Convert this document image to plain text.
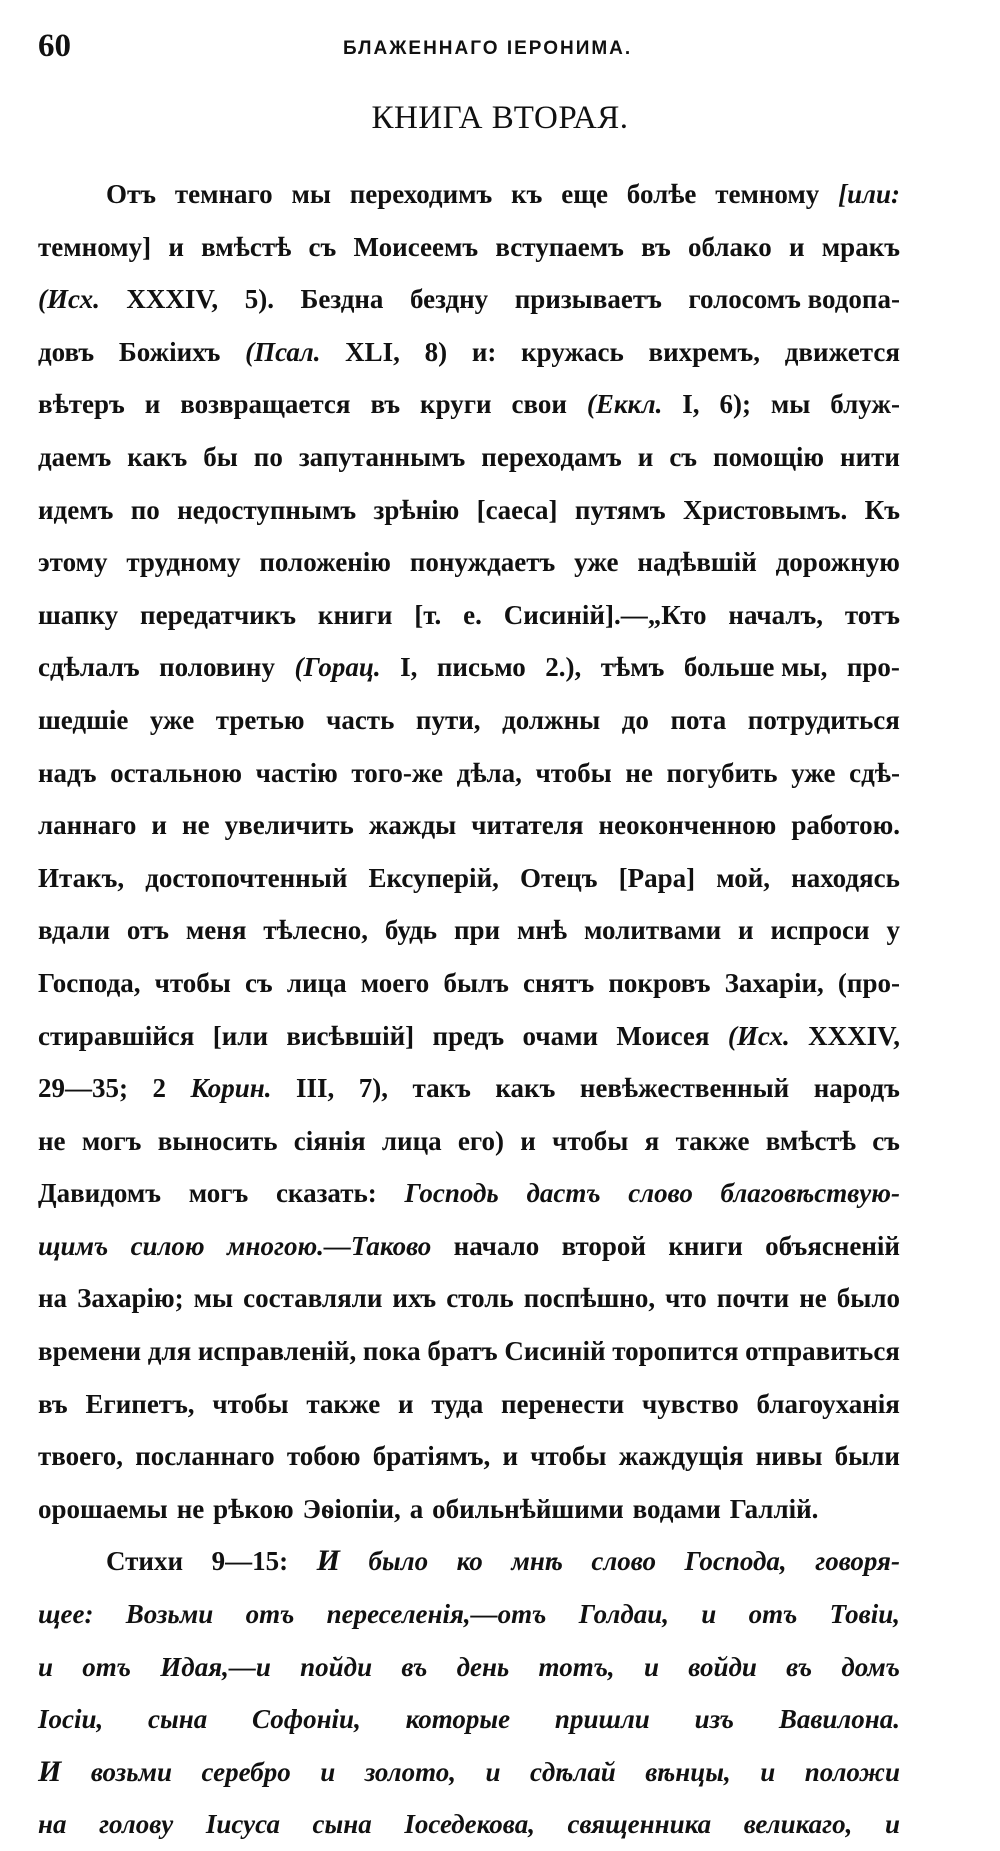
60	БЛАЖЕННАГО ІЕРОНИМА.
КНИГА ВТОРАЯ.
Отъ темнаго мы переходимъ къ еще болѣе темному [или:
темному] и вмѣстѣ съ Моисеемъ вступаемъ въ облако и мракъ
(Исх. XXXIV, 5). Бездна бездну призываетъ голосомъ водопа-
довъ Божіихъ (Псал. XLI, 8) и: кружась вихремъ, движется
вѣтеръ и возвращается въ круги свои (Еккл. I, 6); мы блуж-
даемъ какъ бы по запутаннымъ переходамъ и съ помощію нити
идемъ по недоступнымъ зрѣнію [caeca] путямъ Христовымъ. Къ
этому трудному положенію понуждаетъ уже надѣвшій дорожную
шапку передатчикъ книги [т. е. Сисиній].—„Кто началъ, тотъ
сдѣлалъ половину (Горац. I, письмо 2.), тѣмъ больше мы, про-
шедшіе уже третью часть пути, должны до пота потрудиться
надъ остальною частію того-же дѣла, чтобы не погубить уже сдѣ-
ланнаго и не увеличить жажды читателя неоконченною работою.
Итакъ, достопочтенный Ексуперій, Отецъ [Papa] мой, находясь
вдали отъ меня тѣлесно, будь при мнѣ молитвами и испроси у
Господа, чтобы съ лица моего былъ снятъ покровъ Захаріи, (про-
стиравшійся [или висѣвшій] предъ очами Моисея (Исх. XXXIV,
29—35; 2 Корин. III, 7), такъ какъ невѣжественный народъ
не могъ выносить сіянія лица его) и чтобы я также вмѣстѣ съ
Давидомъ могъ сказать: Господь дастъ слово благовѣствую-
щимъ силою многою.—Таково начало второй книги объясненій
на Захарію; мы составляли ихъ столь поспѣшно, что почти не было
времени для исправленій, пока братъ Сисиній торопится отправиться
въ Египетъ, чтобы также и туда перенести чувство благоуханія
твоего, посланнаго тобою братіямъ, и чтобы жаждущія нивы были
орошаемы не рѣкою Эѳіопіи, а обильнѣйшими водами Галлій.
Стихи 9—15: И было ко мнѣ слово Господа, говоря-
щее: Возьми отъ переселенія,—отъ Голдаи, и отъ Товіи,
и отъ Идая,—и пойди въ день тотъ, и войди въ домъ
Іосіи, сына Софоніи, которые пришли изъ Вавилона.
И возьми серебро и золото, и сдѣлай вѣнцы, и положи
на голову Іисуса сына Іоседекова, священника великаго, и
